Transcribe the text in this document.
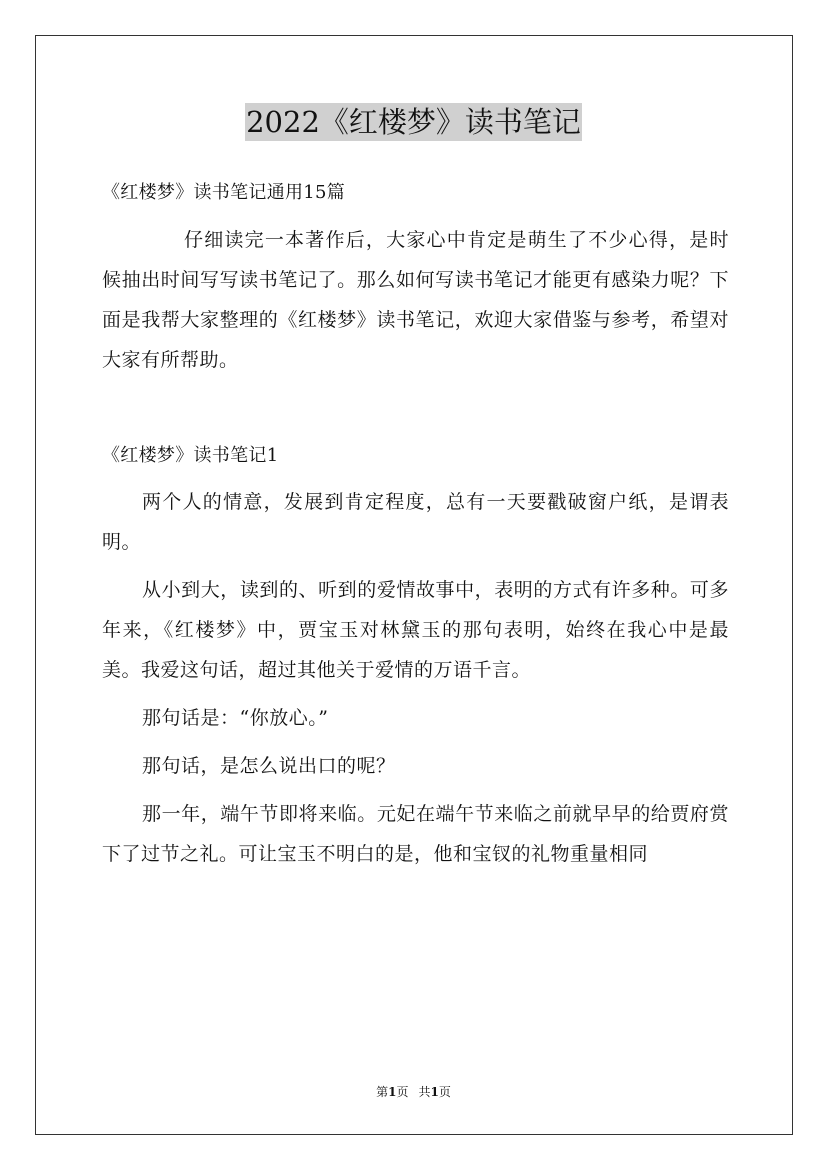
2022《红楼梦》读书笔记

《红楼梦》读书笔记通用15篇

仔细读完一本著作后，大家心中肯定是萌生了不少心得，是时候抽出时间写写读书笔记了。那么如何写读书笔记才能更有感染力呢？下面是我帮大家整理的《红楼梦》读书笔记，欢迎大家借鉴与参考，希望对大家有所帮助。

《红楼梦》读书笔记1

两个人的情意，发展到肯定程度，总有一天要戳破窗户纸，是谓表明。

从小到大，读到的、听到的爱情故事中，表明的方式有许多种。可多年来，《红楼梦》中，贾宝玉对林黛玉的那句表明，始终在我心中是最美。我爱这句话，超过其他关于爱情的万语千言。

那句话是：“你放心。”

那句话，是怎么说出口的呢？

那一年，端午节即将来临。元妃在端午节来临之前就早早的给贾府赏下了过节之礼。可让宝玉不明白的是，他和宝钗的礼物重量相同

第1页 共1页
